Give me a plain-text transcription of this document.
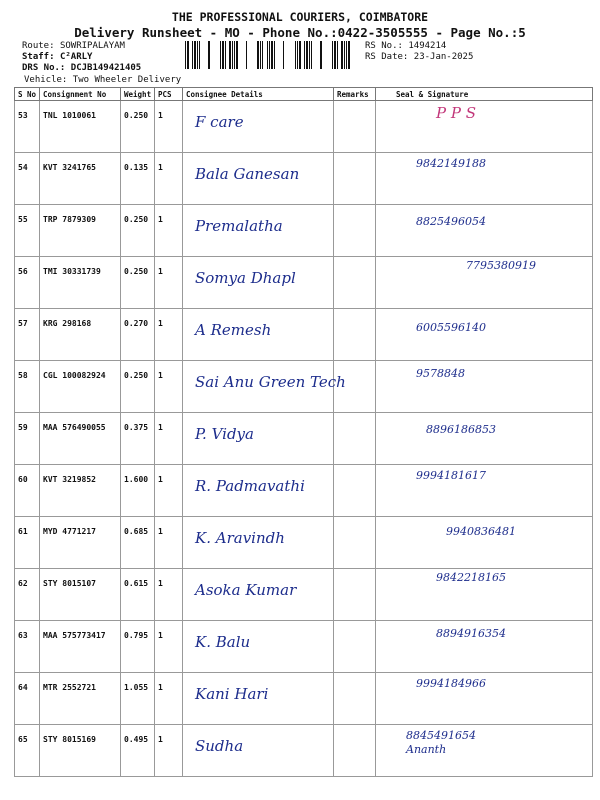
THE PROFESSIONAL COURIERS, COIMBATORE
Delivery Runsheet - MO - Phone No.:0422-3505555 - Page No.:5
Route: SOWRIPALAYAM
Staff: C²ARLY
DRS No.: DCJB149421405
Vehicle: Two Wheeler Delivery
RS No.: 1494214
RS Date: 23-Jan-2025
S No	Consignment No	Weight	PCS	Consignee Details	Remarks	Seal & Signature
53	TNL 1010061	0.250	1	F care		P P S

54	KVT 3241765	0.135	1	Bala Ganesan		9842149188

55	TRP 7879309	0.250	1	Premalatha		8825496054

56	TMI 30331739	0.250	1	Somya Dhapl		7795380919

57	KRG 298168	0.270	1	A Remesh		6005596140

58	CGL 100082924	0.250	1	Sai Anu Green Tech		9578848

59	MAA 576490055	0.375	1	P. Vidya		8896186853

60	KVT 3219852	1.600	1	R. Padmavathi		9994181617

61	MYD 4771217	0.685	1	K. Aravindh		9940836481

62	STY 8015107	0.615	1	Asoka Kumar		9842218165

63	MAA 575773417	0.795	1	K. Balu		8894916354

64	MTR 2552721	1.055	1	Kani Hari		9994184966

65	STY 8015169	0.495	1	Sudha		8845491654
Ananth
